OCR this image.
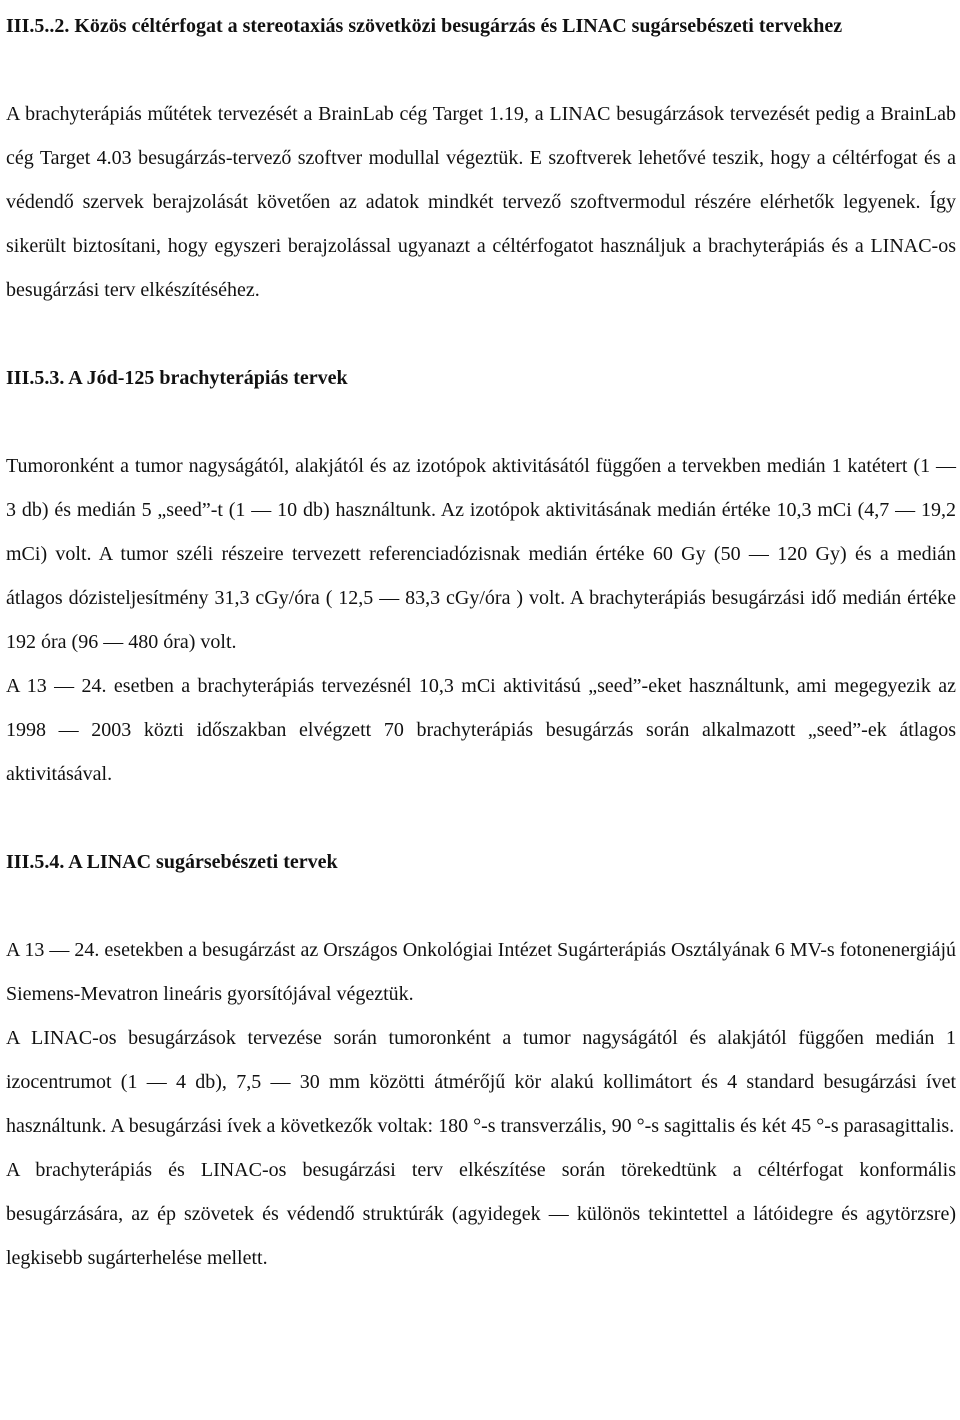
III.5..2. Közös céltérfogat a stereotaxiás szövetközi besugárzás és LINAC sugársebészeti tervekhez

A brachyterápiás műtétek tervezését a BrainLab cég Target 1.19, a LINAC besugárzások tervezését pedig a BrainLab cég Target 4.03 besugárzás-tervező szoftver modullal végeztük. E szoftverek lehetővé teszik, hogy a céltérfogat és a védendő szervek berajzolását követően az adatok mindkét tervező szoftvermodul részére elérhetők legyenek. Így sikerült biztosítani, hogy egyszeri berajzolással ugyanazt a céltérfogatot használjuk a brachyterápiás és a LINAC-os besugárzási terv elkészítéséhez.

III.5.3. A Jód-125 brachyterápiás tervek

Tumoronként a tumor nagyságától, alakjától és az izotópok aktivitásától függően a tervekben medián 1 katétert (1 — 3 db) és medián 5 „seed”-t (1 — 10 db) használtunk. Az izotópok aktivitásának medián értéke 10,3 mCi (4,7 — 19,2 mCi) volt. A tumor széli részeire tervezett referenciadózisnak medián értéke 60 Gy (50 — 120 Gy) és a medián átlagos dózisteljesítmény 31,3 cGy/óra ( 12,5 — 83,3 cGy/óra ) volt. A brachyterápiás besugárzási idő medián értéke 192 óra (96 — 480 óra) volt.

A 13 — 24. esetben a brachyterápiás tervezésnél 10,3 mCi aktivitású „seed”-eket használtunk, ami megegyezik az 1998 — 2003 közti időszakban elvégzett 70 brachyterápiás besugárzás során alkalmazott „seed”-ek átlagos aktivitásával.

III.5.4. A LINAC sugársebészeti tervek

A 13 — 24. esetekben a besugárzást az Országos Onkológiai Intézet Sugárterápiás Osztályának 6 MV-s fotonenergiájú Siemens-Mevatron lineáris gyorsítójával végeztük.

A LINAC-os besugárzások tervezése során tumoronként a tumor nagyságától és alakjától függően medián 1 izocentrumot (1 — 4 db), 7,5 — 30 mm közötti átmérőjű kör alakú kollimátort és 4 standard besugárzási ívet használtunk. A besugárzási ívek a következők voltak: 180 °-s transverzális, 90 °-s sagittalis és két 45 °-s parasagittalis.

A brachyterápiás és LINAC-os besugárzási terv elkészítése során törekedtünk a céltérfogat konformális besugárzására, az ép szövetek és védendő struktúrák (agyidegek — különös tekintettel a látóidegre és agytörzsre) legkisebb sugárterhelése mellett.
